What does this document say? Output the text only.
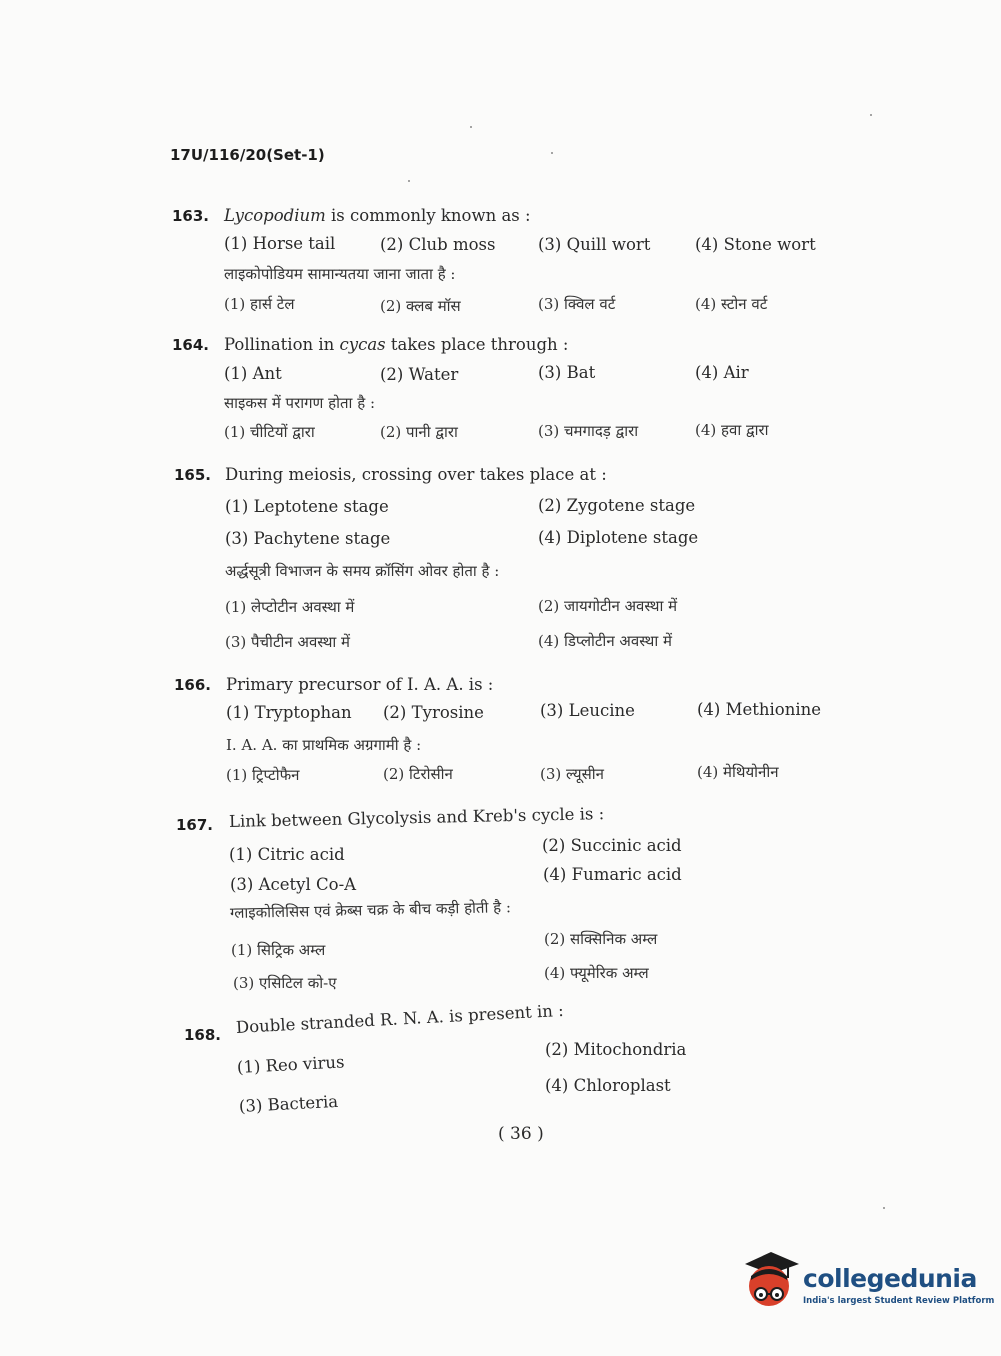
17U/116/20(Set-1)
163. Lycopodium is commonly known as :
(1) Horse tail	(2) Club moss	(3) Quill wort	(4) Stone wort
लाइकोपोडियम सामान्यतया जाना जाता है :
(1) हार्स टेल	(2) क्लब मॉस	(3) क्विल वर्ट	(4) स्टोन वर्ट
164. Pollination in cycas takes place through :
(1) Ant	(2) Water	(3) Bat	(4) Air
साइकस में परागण होता है :
(1) चीटियों द्वारा	(2) पानी द्वारा	(3) चमगादड़ द्वारा	(4) हवा द्वारा
165. During meiosis, crossing over takes place at :
(1) Leptotene stage	(2) Zygotene stage
(3) Pachytene stage	(4) Diplotene stage
अर्द्धसूत्री विभाजन के समय क्रॉसिंग ओवर होता है :
(1) लेप्टोटीन अवस्था में	(2) जायगोटीन अवस्था में
(3) पैचीटीन अवस्था में	(4) डिप्लोटीन अवस्था में
166. Primary precursor of I. A. A. is :
(1) Tryptophan (2) Tyrosine	(3) Leucine	(4) Methionine
I. A. A. का प्राथमिक अग्रगामी है :
(1) ट्रिप्टोफैन	(2) टिरोसीन	(3) ल्यूसीन	(4) मेथियोनीन
167. Link between Glycolysis and Kreb's cycle is :
(1) Citric acid	(2) Succinic acid
(3) Acetyl Co-A
(4) Fumaric acid
ग्लाइकोलिसिस एवं क्रेब्स चक्र के बीच कड़ी होती है :
(1) सिट्रिक अम्ल
(2) सक्सिनिक अम्ल
(3) एसिटिल को-ए
(4) फ्यूमेरिक अम्ल
168. Double stranded R. N. A. is present in :
(1) Reo virus
(2) Mitochondria
(3) Bacteria
(4) Chloroplast
( 36 )
collegedunia
India's largest Student Review Platform
